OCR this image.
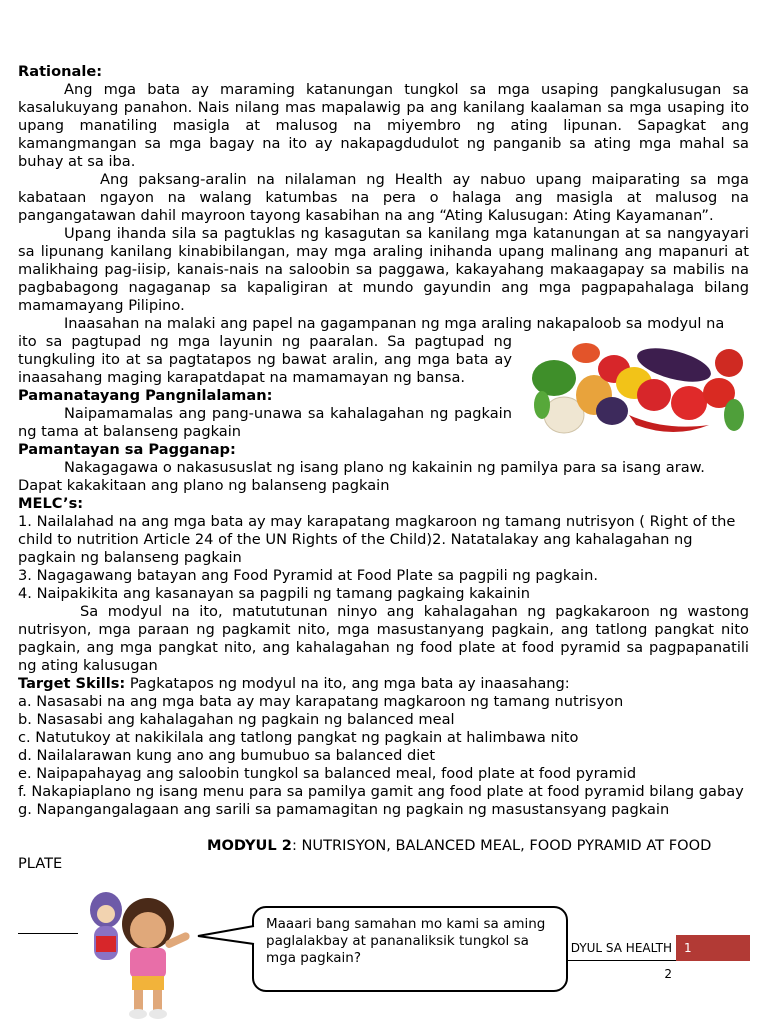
Rationale:

Ang mga bata ay maraming katanungan tungkol sa mga usaping pangkalusugan sa kasalukuyang panahon. Nais nilang mas mapalawig pa ang kanilang kaalaman sa mga usaping ito upang manatiling masigla at malusog na miyembro ng ating lipunan. Sapagkat ang kamangmangan sa mga bagay na ito ay nakapagdudulot ng panganib sa ating mga mahal sa buhay at sa iba.

Ang paksang-aralin na nilalaman ng Health ay nabuo upang maiparating sa mga kabataan ngayon na walang katumbas na pera o halaga ang masigla at malusog na pangangatawan dahil mayroon tayong kasabihan na ang “Ating Kalusugan: Ating Kayamanan”.

Upang ihanda sila sa pagtuklas ng kasagutan sa kanilang mga katanungan at sa nangyayari sa lipunang kanilang kinabibilangan, may mga araling inihanda upang malinang ang mapanuri at malikhaing pag-iisip, kanais-nais na saloobin sa paggawa, kakayahang makaagapay sa mabilis na pagbabagong nagaganap sa kapaligiran at mundo gayundin ang mga pagpapahalaga bilang mamamayang Pilipino.

Inaasahan na malaki ang papel na gagampanan ng mga araling nakapaloob sa modyul na

ito sa pagtupad ng mga layunin ng paaralan. Sa pagtupad ng tungkuling ito at sa pagtatapos ng bawat aralin, ang mga bata ay inaasahang maging karapatdapat na mamamayan ng bansa.

Pamanatayang Pangnilalaman:

Naipamamalas ang pang-unawa sa kahalagahan ng pagkain ng tama at balanseng pagkain

Pamantayan sa Pagganap:

Nakagagawa o nakasususlat ng isang plano ng kakainin ng pamilya para sa isang araw. Dapat kakakitaan ang plano ng balanseng pagkain

MELC’s:

1. Nailalahad na ang mga bata ay may karapatang magkaroon ng tamang nutrisyon ( Right of the child to nutrition Article 24 of the UN Rights of the Child)2. Natatalakay ang kahalagahan ng pagkain ng balanseng pagkain
3. Nagagawang batayan ang Food Pyramid at Food Plate sa pagpili ng pagkain.
4. Naipakikita ang kasanayan sa pagpili ng tamang pagkaing kakainin

Sa modyul na ito, matututunan ninyo ang kahalagahan ng pagkakaroon ng wastong nutrisyon, mga paraan ng pagkamit nito, mga masustanyang pagkain, ang tatlong pangkat nito pagkain, ang mga pangkat nito, ang kahalagahan ng food plate at food pyramid sa pagpapanatili ng ating kalusugan

Target Skills: Pagkatapos ng modyul na ito, ang mga bata ay inaasahang:

a. Nasasabi na ang mga bata ay may karapatang magkaroon ng tamang nutrisyon
b. Nasasabi ang kahalagahan ng pagkain ng balanced meal
c. Natutukoy at nakikilala ang tatlong pangkat ng pagkain at halimbawa nito
d. Nailalarawan kung ano ang bumubuo sa balanced diet
e. Naipapahayag ang saloobin tungkol sa balanced meal, food plate at food pyramid
f. Nakapiaplano ng isang menu para sa pamilya gamit ang food plate at food pyramid bilang gabay
g. Napangangalagaan ang sarili sa pamamagitan ng pagkain ng masustansyang pagkain
MODYUL 2: NUTRISYON, BALANCED MEAL, FOOD PYRAMID AT FOOD
PLATE
DYUL SA HEALTH 2
1
Maaari bang samahan mo kami sa aming paglalakbay at pananaliksik tungkol sa mga pagkain?
